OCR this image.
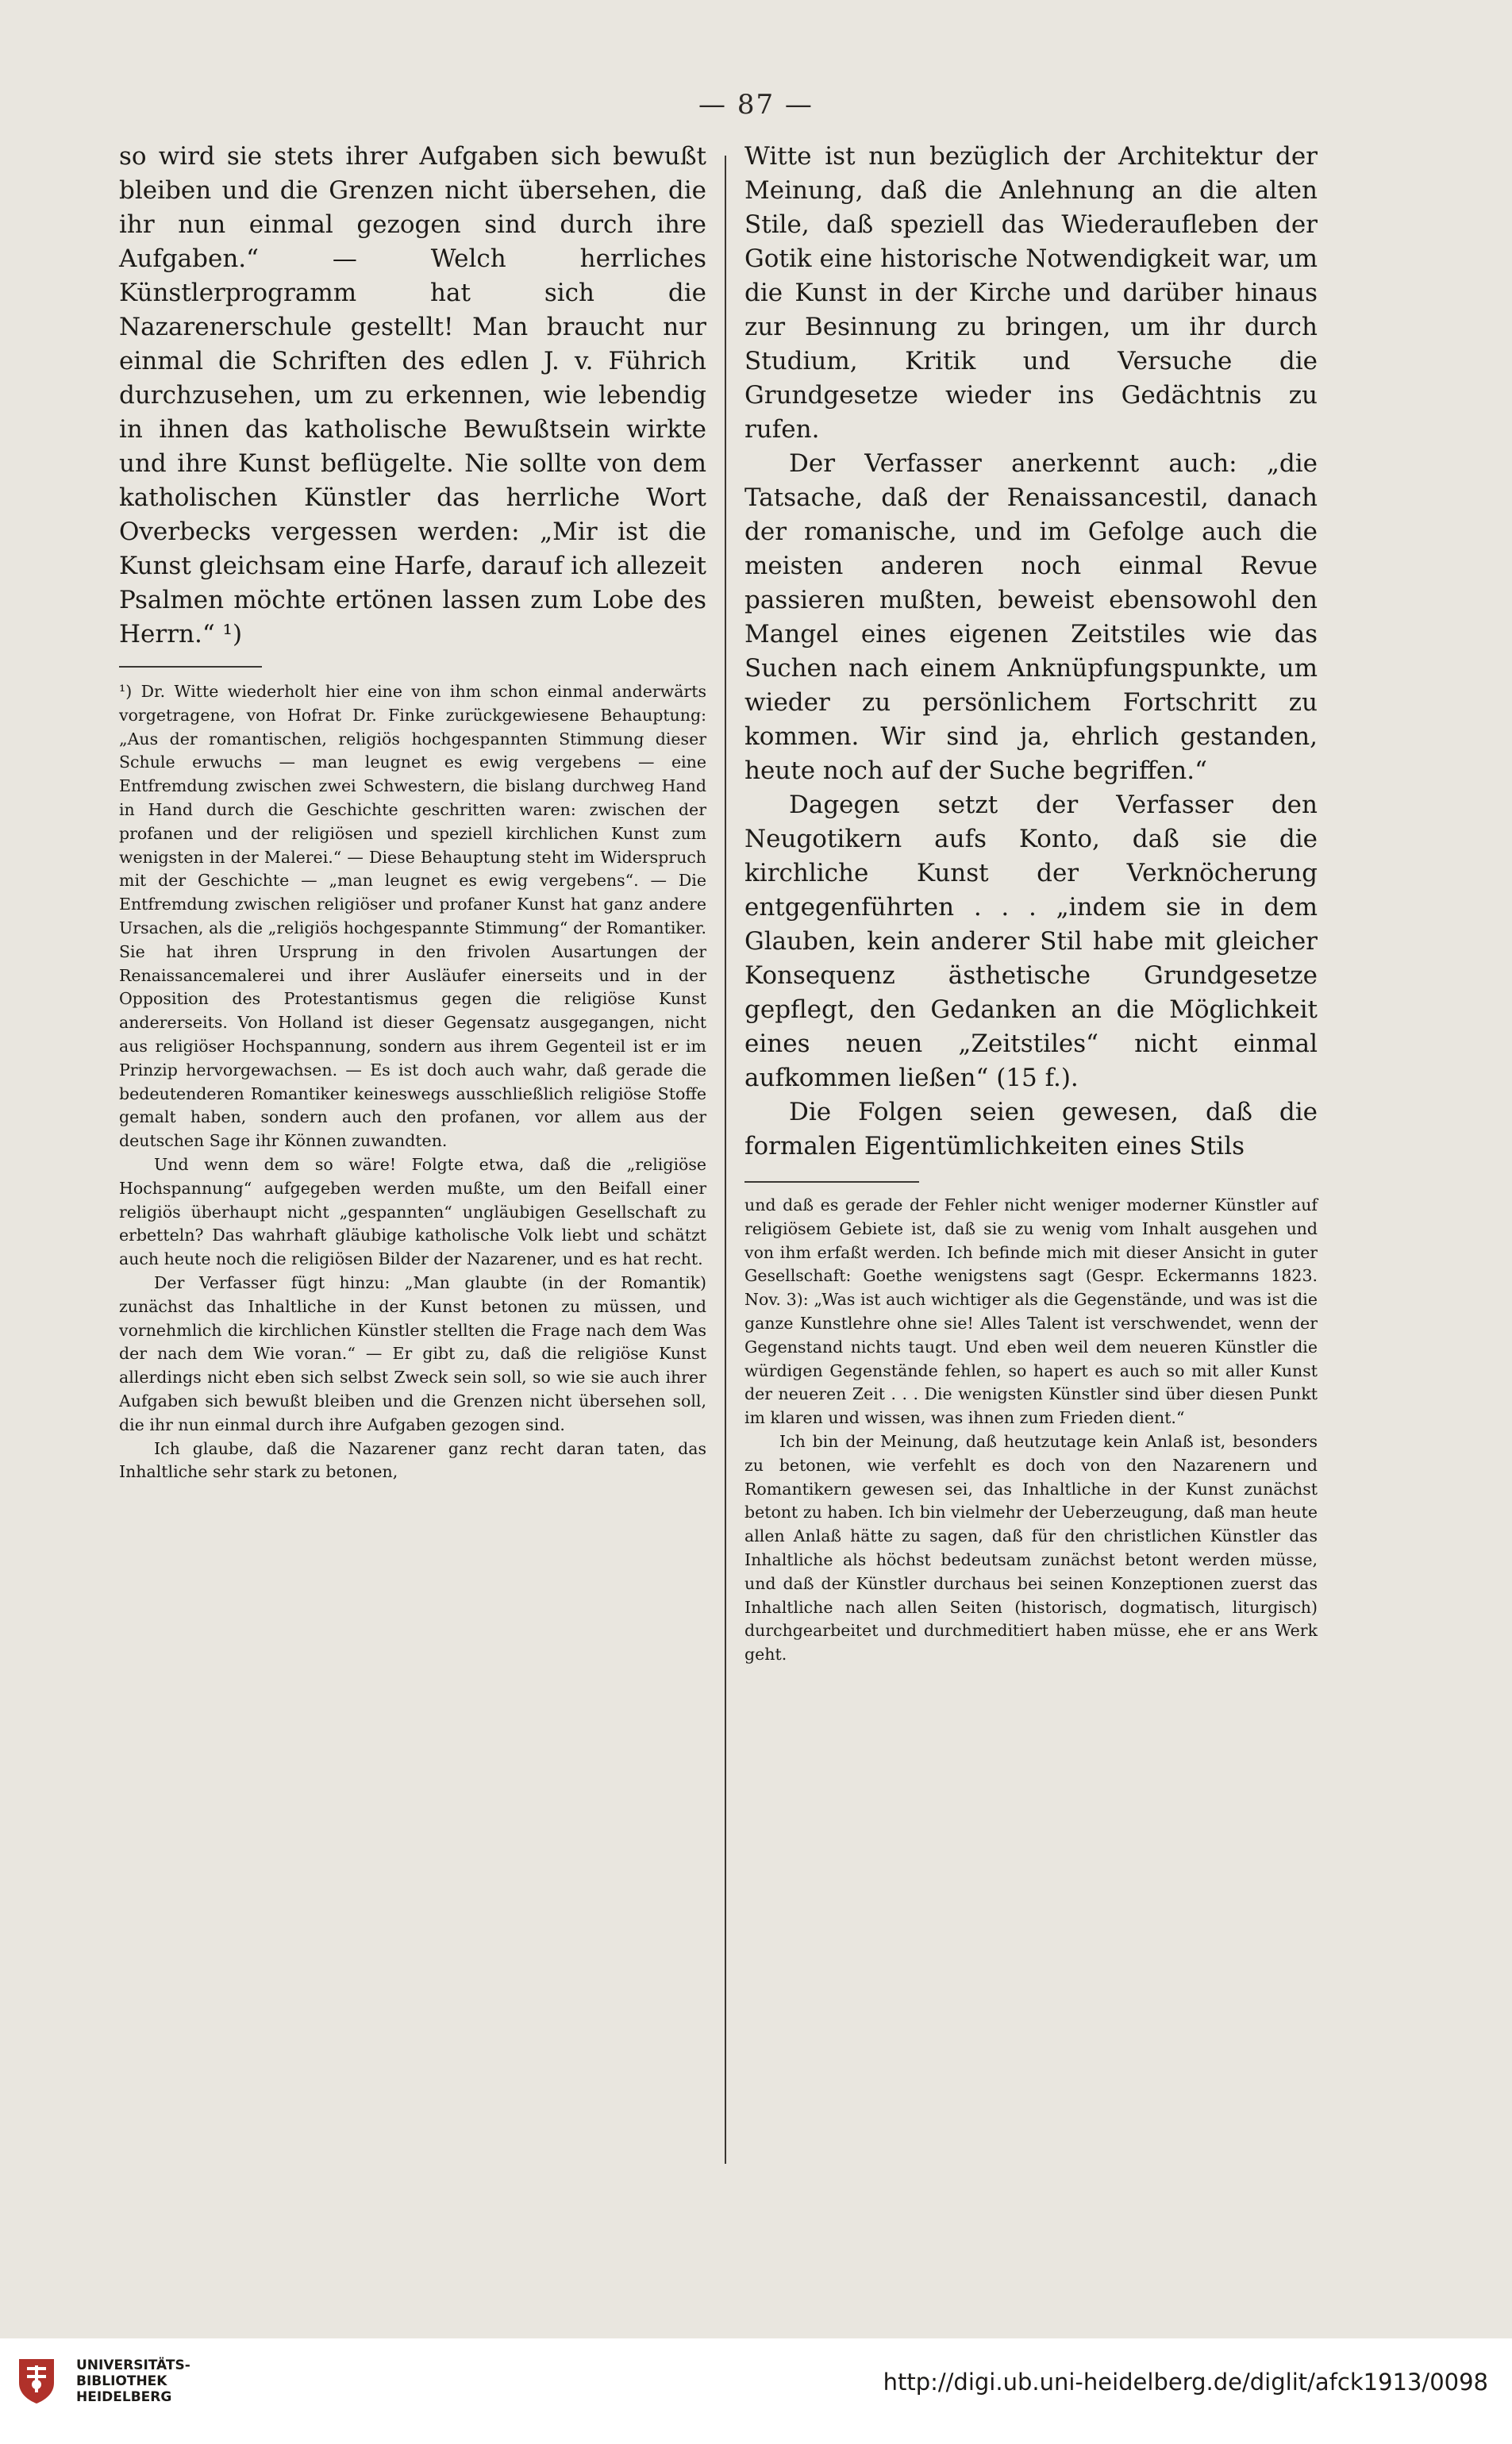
— 87 —

so wird sie stets ihrer Aufgaben sich bewußt bleiben und die Grenzen nicht übersehen, die ihr nun einmal gezogen sind durch ihre Aufgaben.“ — Welch herrliches Künstlerprogramm hat sich die Nazarenerschule gestellt! Man braucht nur einmal die Schriften des edlen J. v. Führich durchzusehen, um zu erkennen, wie lebendig in ihnen das katholische Bewußtsein wirkte und ihre Kunst beflügelte. Nie sollte von dem katholischen Künstler das herrliche Wort Overbecks vergessen werden: „Mir ist die Kunst gleichsam eine Harfe, darauf ich allezeit Psalmen möchte ertönen lassen zum Lobe des Herrn.“ ¹)

¹) Dr. Witte wiederholt hier eine von ihm schon einmal anderwärts vorgetragene, von Hofrat Dr. Finke zurückgewiesene Behauptung: „Aus der romantischen, religiös hochgespannten Stimmung dieser Schule erwuchs — man leugnet es ewig vergebens — eine Entfremdung zwischen zwei Schwestern, die bislang durchweg Hand in Hand durch die Geschichte geschritten waren: zwischen der profanen und der religiösen und speziell kirchlichen Kunst zum wenigsten in der Malerei.“ — Diese Behauptung steht im Widerspruch mit der Geschichte — „man leugnet es ewig vergebens“. — Die Entfremdung zwischen religiöser und profaner Kunst hat ganz andere Ursachen, als die „religiös hochgespannte Stimmung“ der Romantiker. Sie hat ihren Ursprung in den frivolen Ausartungen der Renaissancemalerei und ihrer Ausläufer einerseits und in der Opposition des Protestantismus gegen die religiöse Kunst andererseits. Von Holland ist dieser Gegensatz ausgegangen, nicht aus religiöser Hochspannung, sondern aus ihrem Gegenteil ist er im Prinzip hervorgewachsen. — Es ist doch auch wahr, daß gerade die bedeutenderen Romantiker keineswegs ausschließlich religiöse Stoffe gemalt haben, sondern auch den profanen, vor allem aus der deutschen Sage ihr Können zuwandten.

Und wenn dem so wäre! Folgte etwa, daß die „religiöse Hochspannung“ aufgegeben werden mußte, um den Beifall einer religiös überhaupt nicht „gespannten“ ungläubigen Gesellschaft zu erbetteln? Das wahrhaft gläubige katholische Volk liebt und schätzt auch heute noch die religiösen Bilder der Nazarener, und es hat recht.

Der Verfasser fügt hinzu: „Man glaubte (in der Romantik) zunächst das Inhaltliche in der Kunst betonen zu müssen, und vornehmlich die kirchlichen Künstler stellten die Frage nach dem Was der nach dem Wie voran.“ — Er gibt zu, daß die religiöse Kunst allerdings nicht eben sich selbst Zweck sein soll, so wie sie auch ihrer Aufgaben sich bewußt bleiben und die Grenzen nicht übersehen soll, die ihr nun einmal durch ihre Aufgaben gezogen sind.

Ich glaube, daß die Nazarener ganz recht daran taten, das Inhaltliche sehr stark zu betonen,

Witte ist nun bezüglich der Architektur der Meinung, daß die Anlehnung an die alten Stile, daß speziell das Wiederaufleben der Gotik eine historische Notwendigkeit war, um die Kunst in der Kirche und darüber hinaus zur Besinnung zu bringen, um ihr durch Studium, Kritik und Versuche die Grundgesetze wieder ins Gedächtnis zu rufen.

Der Verfasser anerkennt auch: „die Tatsache, daß der Renaissancestil, danach der romanische, und im Gefolge auch die meisten anderen noch einmal Revue passieren mußten, beweist ebensowohl den Mangel eines eigenen Zeitstiles wie das Suchen nach einem Anknüpfungspunkte, um wieder zu persönlichem Fortschritt zu kommen. Wir sind ja, ehrlich gestanden, heute noch auf der Suche begriffen.“

Dagegen setzt der Verfasser den Neugotikern aufs Konto, daß sie die kirchliche Kunst der Verknöcherung entgegenführten . . . „indem sie in dem Glauben, kein anderer Stil habe mit gleicher Konsequenz ästhetische Grundgesetze gepflegt, den Gedanken an die Möglichkeit eines neuen „Zeitstiles“ nicht einmal aufkommen ließen“ (15 f.).

Die Folgen seien gewesen, daß die formalen Eigentümlichkeiten eines Stils

und daß es gerade der Fehler nicht weniger moderner Künstler auf religiösem Gebiete ist, daß sie zu wenig vom Inhalt ausgehen und von ihm erfaßt werden. Ich befinde mich mit dieser Ansicht in guter Gesellschaft: Goethe wenigstens sagt (Gespr. Eckermanns 1823. Nov. 3): „Was ist auch wichtiger als die Gegenstände, und was ist die ganze Kunstlehre ohne sie! Alles Talent ist verschwendet, wenn der Gegenstand nichts taugt. Und eben weil dem neueren Künstler die würdigen Gegenstände fehlen, so hapert es auch so mit aller Kunst der neueren Zeit . . . Die wenigsten Künstler sind über diesen Punkt im klaren und wissen, was ihnen zum Frieden dient.“

Ich bin der Meinung, daß heutzutage kein Anlaß ist, besonders zu betonen, wie verfehlt es doch von den Nazarenern und Romantikern gewesen sei, das Inhaltliche in der Kunst zunächst betont zu haben. Ich bin vielmehr der Ueberzeugung, daß man heute allen Anlaß hätte zu sagen, daß für den christlichen Künstler das Inhaltliche als höchst bedeutsam zunächst betont werden müsse, und daß der Künstler durchaus bei seinen Konzeptionen zuerst das Inhaltliche nach allen Seiten (historisch, dogmatisch, liturgisch) durchgearbeitet und durchmeditiert haben müsse, ehe er ans Werk geht.

UNIVERSITÄTS-
BIBLIOTHEK
HEIDELBERG
http://digi.ub.uni-heidelberg.de/diglit/afck1913/0098
